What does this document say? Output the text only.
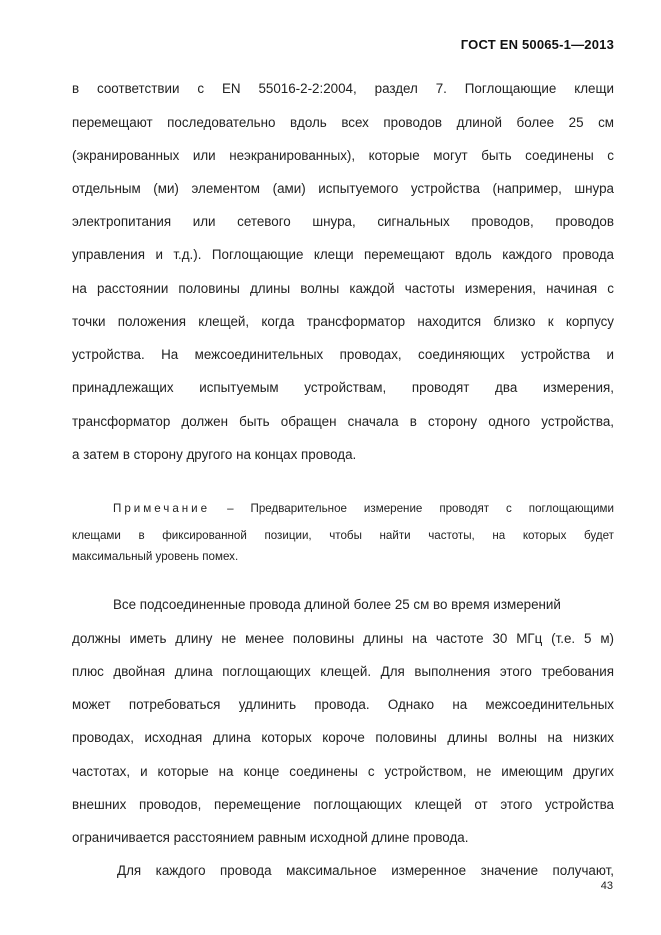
ГОСТ EN 50065-1—2013
в соответствии с EN 55016-2-2:2004, раздел 7. Поглощающие клещи
перемещают последовательно вдоль всех проводов длиной более 25 см
(экранированных или неэкранированных), которые могут быть соединены с
отдельным (ми) элементом (ами) испытуемого устройства (например, шнура
электропитания или сетевого шнура, сигнальных проводов, проводов
управления и т.д.). Поглощающие клещи перемещают вдоль каждого провода
на расстоянии половины длины волны каждой частоты измерения, начиная с
точки положения клещей, когда трансформатор находится близко к корпусу
устройства. На межсоединительных проводах, соединяющих устройства и
принадлежащих испытуемым устройствам, проводят два измерения,
трансформатор должен быть обращен сначала в сторону одного устройства,
а затем в сторону другого на концах провода.
Примечание – Предварительное измерение проводят с поглощающими
клещами в фиксированной позиции, чтобы найти частоты, на которых будет
максимальный уровень помех.
Все подсоединенные провода длиной более 25 см во время измерений
должны иметь длину не менее половины длины на частоте 30 МГц (т.е. 5 м)
плюс двойная длина поглощающих клещей. Для выполнения этого требования
может потребоваться удлинить провода. Однако на межсоединительных
проводах, исходная длина которых короче половины длины волны на низких
частотах, и которые на конце соединены с устройством, не имеющим других
внешних проводов, перемещение поглощающих клещей от этого устройства
ограничивается расстоянием равным исходной длине провода.
Для каждого провода максимальное измеренное значение получают,
43
